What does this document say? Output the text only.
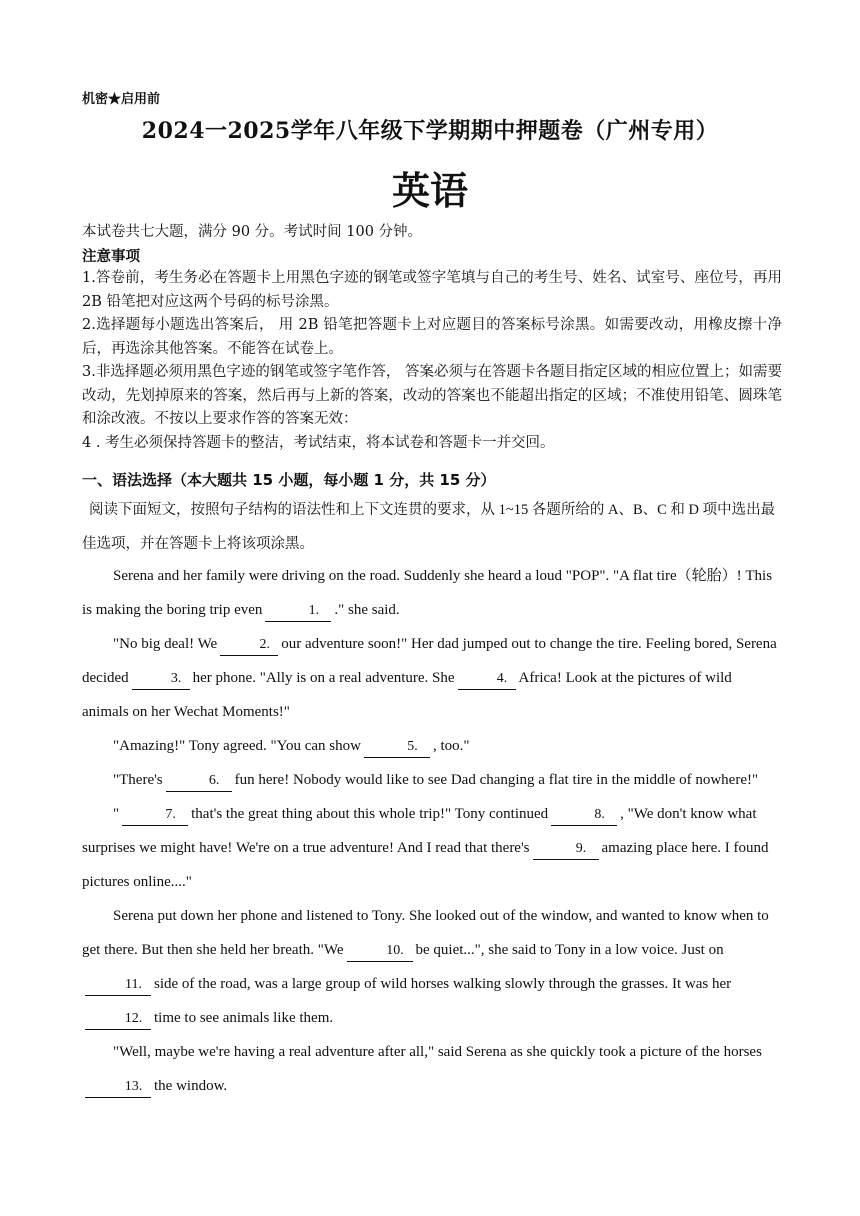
机密★启用前
2024一2025学年八年级下学期期中押题卷（广州专用）
英语
本试卷共七大题，满分 90 分。考试时间 100 分钟。
注意事项

1.答卷前，考生务必在答题卡上用黑色字迹的钢笔或签字笔填与自己的考生号、姓名、试室号、座位号，再用 2B 铅笔把对应这两个号码的标号涂黑。

2.选择题每小题选出答案后， 用 2B 铅笔把答题卡上对应题目的答案标号涂黑。如需要改动，用橡皮擦十净后，再选涂其他答案。不能答在试卷上。

3.非选择题必须用黑色字迹的钢笔或签字笔作答， 答案必须与在答题卡各题目指定区域的相应位置上；如需要改动，先划掉原来的答案，然后再与上新的答案，改动的答案也不能超出指定的区域；不准使用铅笔、圆珠笔和涂改液。不按以上要求作答的答案无效：

4 . 考生必须保持答题卡的整洁，考试结束，将本试卷和答题卡一并交回。

一、语法选择（本大题共 15 小题，每小题 1 分，共 15 分）
阅读下面短文，按照句子结构的语法性和上下文连贯的要求，从 1~15 各题所给的 A、B、C 和 D 项中选出最佳选项，并在答题卡上将该项涂黑。

Serena and her family were driving on the road. Suddenly she heard a loud "POP". "A flat tire（轮胎）! This is making the boring trip even	1. ." she said.

"No big deal! We	2. our adventure soon!" Her dad jumped out to change the tire. Feeling bored, Serena decided	3. her phone. "Ally is on a real adventure. She	4. Africa! Look at the pictures of wild animals on her Wechat Moments!"

"Amazing!" Tony agreed. "You can show	5. , too."

"There's	6. fun here! Nobody would like to see Dad changing a flat tire in the middle of nowhere!"

"	7. that's the great thing about this whole trip!" Tony continued	8. , "We don't know what surprises we might have! We're on a true adventure! And I read that there's	9. amazing place here. I found pictures online...."

Serena put down her phone and listened to Tony. She looked out of the window, and wanted to know when to get there. But then she held her breath. "We	10. be quiet...", she said to Tony in a low voice. Just on11. side of the road, was a large group of wild horses walking slowly through the grasses. It was her12. time to see animals like them.

"Well, maybe we're having a real adventure after all," said Serena as she quickly took a picture of the horses13. the window.
